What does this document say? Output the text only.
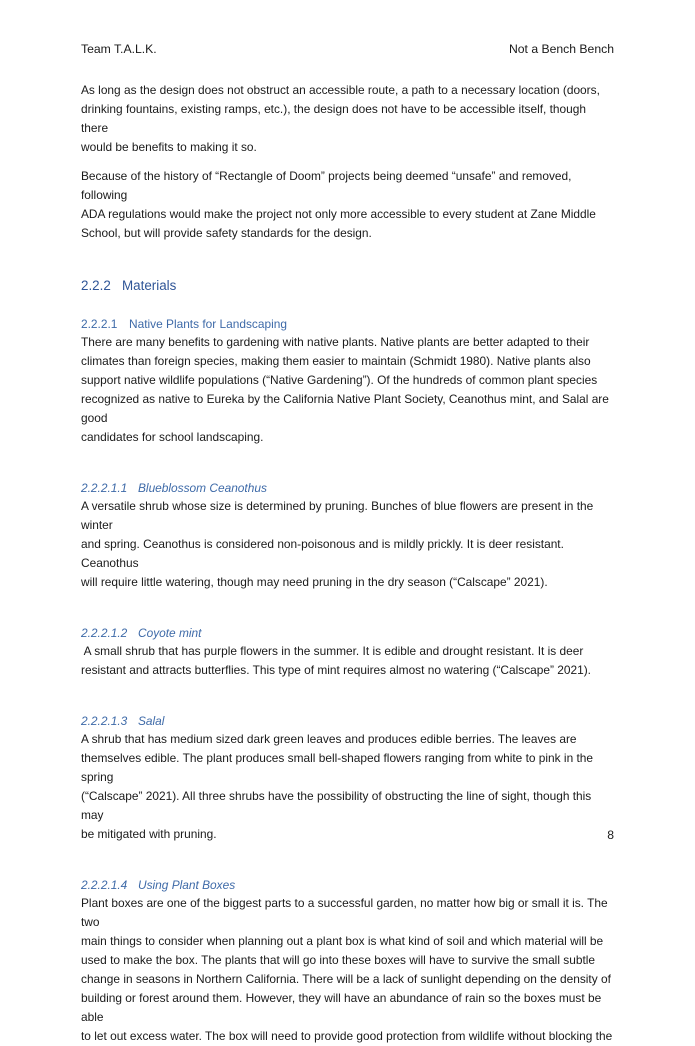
Team T.A.L.K.	Not a Bench Bench

As long as the design does not obstruct an accessible route, a path to a necessary location (doors,
drinking fountains, existing ramps, etc.), the design does not have to be accessible itself, though there
would be benefits to making it so.

Because of the history of “Rectangle of Doom” projects being deemed “unsafe” and removed, following
ADA regulations would make the project not only more accessible to every student at Zane Middle
School, but will provide safety standards for the design.

2.2.2 Materials
2.2.2.1 Native Plants for Landscaping

There are many benefits to gardening with native plants. Native plants are better adapted to their
climates than foreign species, making them easier to maintain (Schmidt 1980). Native plants also
support native wildlife populations (“Native Gardening”). Of the hundreds of common plant species
recognized as native to Eureka by the California Native Plant Society, Ceanothus mint, and Salal are good
candidates for school landscaping.

2.2.2.1.1 Blueblossom Ceanothus

A versatile shrub whose size is determined by pruning. Bunches of blue flowers are present in the winter
and spring. Ceanothus is considered non-poisonous and is mildly prickly. It is deer resistant. Ceanothus
will require little watering, though may need pruning in the dry season (“Calscape” 2021).

2.2.2.1.2 Coyote mint

A small shrub that has purple flowers in the summer. It is edible and drought resistant. It is deer
resistant and attracts butterflies. This type of mint requires almost no watering (“Calscape” 2021).

2.2.2.1.3 Salal

A shrub that has medium sized dark green leaves and produces edible berries. The leaves are
themselves edible. The plant produces small bell-shaped flowers ranging from white to pink in the spring
(“Calscape” 2021). All three shrubs have the possibility of obstructing the line of sight, though this may
be mitigated with pruning.

2.2.2.1.4 Using Plant Boxes

Plant boxes are one of the biggest parts to a successful garden, no matter how big or small it is. The two
main things to consider when planning out a plant box is what kind of soil and which material will be
used to make the box. The plants that will go into these boxes will have to survive the small subtle
change in seasons in Northern California. There will be a lack of sunlight depending on the density of
building or forest around them. However, they will have an abundance of rain so the boxes must be able
to let out excess water. The box will need to provide good protection from wildlife without blocking the

8
